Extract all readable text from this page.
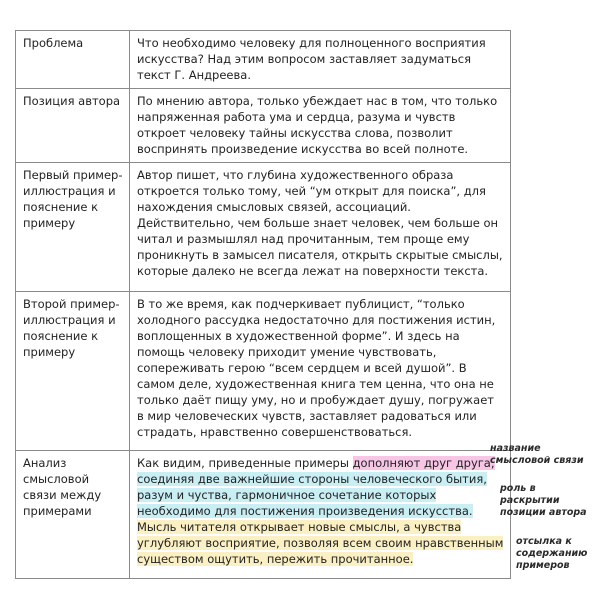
Проблема	Что необходимо человеку для полноценного восприятия искусства? Над этим вопросом заставляет задуматься текст Г. Андреева.
Позиция автора	По мнению автора, только убеждает нас в том, что только напряженная работа ума и сердца, разума и чувств откроет человеку тайны искусства слова, позволит воспринять произведение искусства во всей полноте.
Первый пример-иллюстрация и пояснение к примеру	Автор пишет, что глубина художественного образа откроется только тому, чей “ум открыт для поиска”, для нахождения смысловых связей, ассоциаций. Действительно, чем больше знает человек, чем больше он читал и размышлял над прочитанным, тем проще ему проникнуть в замысел писателя, открыть скрытые смыслы, которые далеко не всегда лежат на поверхности текста.
Второй пример-иллюстрация и пояснение к примеру	В то же время, как подчеркивает публицист, “только холодного рассудка недостаточно для постижения истин, воплощенных в художественной форме”. И здесь на помощь человеку приходит умение чувствовать, сопереживать герою “всем сердцем и всей душой”. В самом деле, художественная книга тем ценна, что она не только даёт пищу уму, но и пробуждает душу, погружает в мир человеческих чувств, заставляет радоваться или страдать, нравственно совершенствоваться.
Анализ смысловой связи между примерами	Как видим, приведенные примеры дополняют друг друга, соединяя две важнейшие стороны человеческого бытия, разум и чуства, гармоничное сочетание которых необходимо для постижения произведения искусства. Мысль читателя открывает новые смыслы, а чувства углубляют восприятие, позволяя всем своим нравственным существом ощутить, пережить прочитанное.
название смысловой связи
роль в раскрытии позиции автора
отсылка к содержанию примеров
